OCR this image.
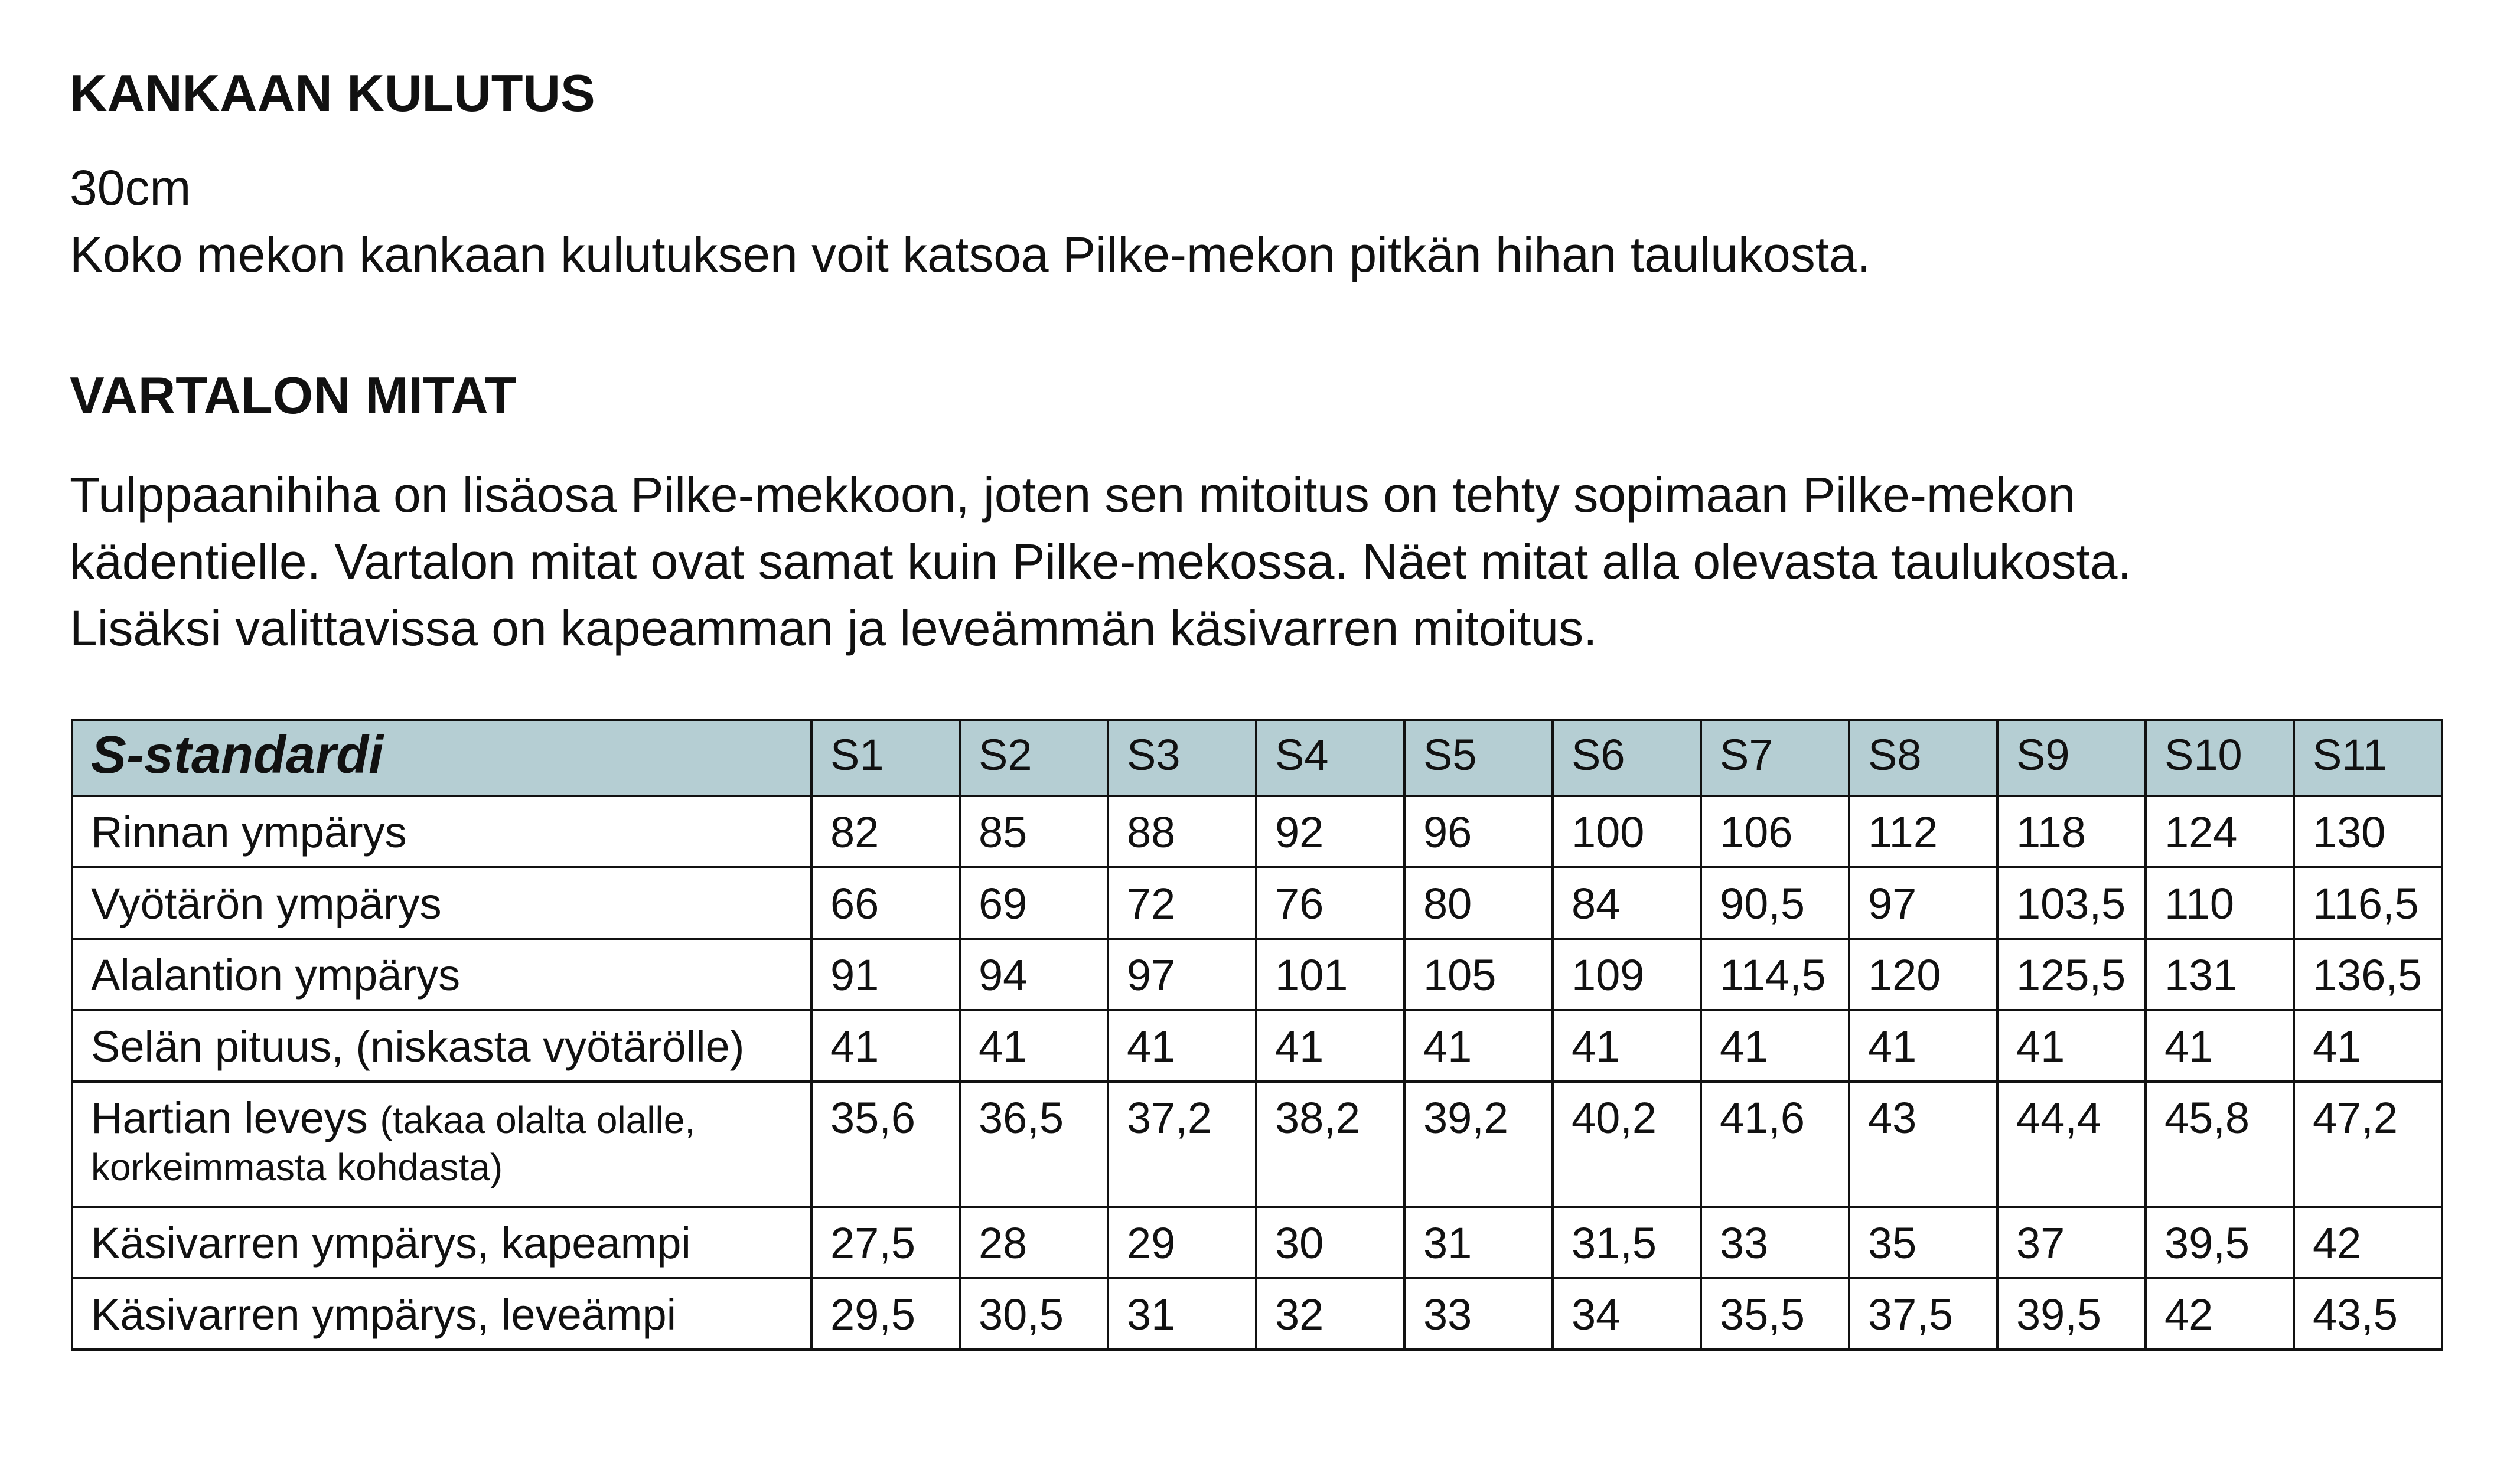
KANKAAN KULUTUS
30cm
Koko mekon kankaan kulutuksen voit katsoa Pilke-mekon pitkän hihan taulukosta.
VARTALON MITAT
Tulppaanihiha on lisäosa Pilke-mekkoon, joten sen mitoitus on tehty sopimaan Pilke-mekon
kädentielle. Vartalon mitat ovat samat kuin Pilke-mekossa. Näet mitat alla olevasta taulukosta.
Lisäksi valittavissa on kapeamman ja leveämmän käsivarren mitoitus.
S-standardi	S1	S2	S3	S4	S5	S6	S7	S8	S9	S10	S11
Rinnan ympärys	82	85	88	92	96	100	106	112	118	124	130
Vyötärön ympärys	66	69	72	76	80	84	90,5	97	103,5	110	116,5
Alalantion ympärys	91	94	97	101	105	109	114,5	120	125,5	131	136,5
Selän pituus, (niskasta vyötärölle)	41	41	41	41	41	41	41	41	41	41	41

Hartian leveys (takaa olalta olalle,
korkeimmasta kohdasta)	35,6	36,5	37,2	38,2	39,2	40,2	41,6	43	44,4	45,8	47,2
Käsivarren ympärys, kapeampi	27,5	28	29	30	31	31,5	33	35	37	39,5	42
Käsivarren ympärys, leveämpi	29,5	30,5	31	32	33	34	35,5	37,5	39,5	42	43,5
